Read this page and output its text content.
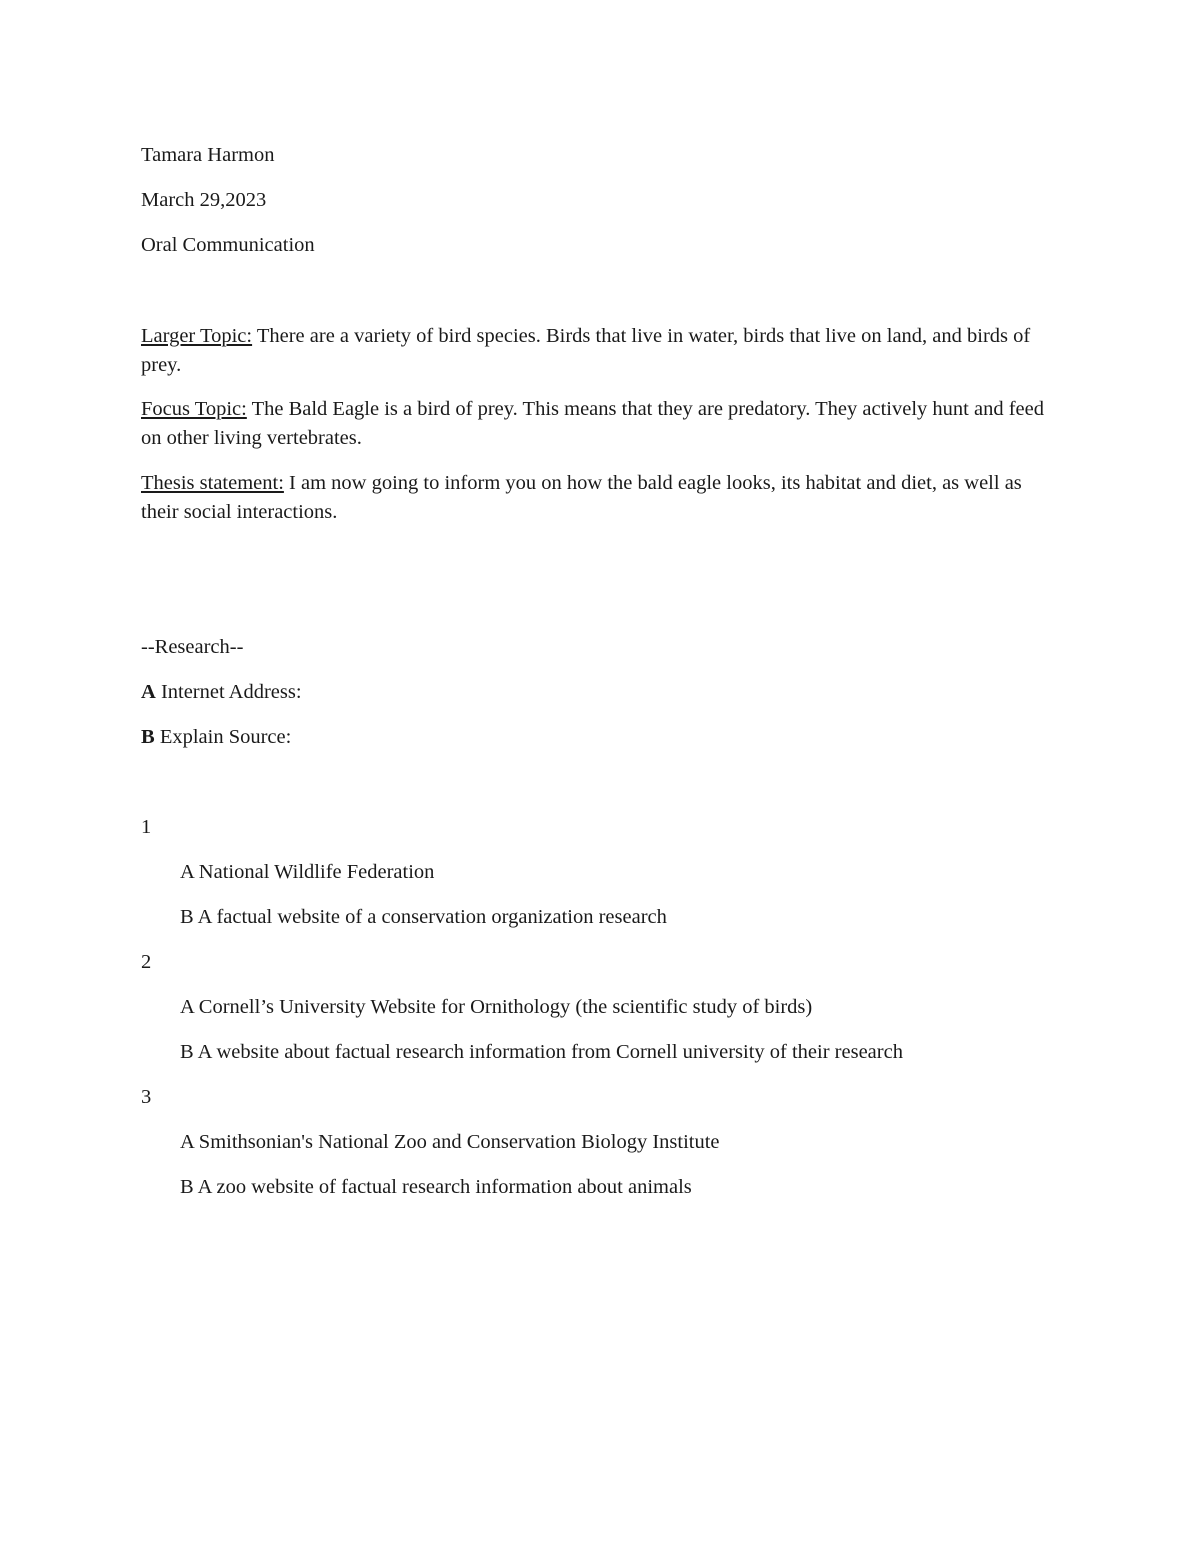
Tamara Harmon

March 29,2023

Oral Communication

Larger Topic: There are a variety of bird species. Birds that live in water, birds that live on land, and birds of prey.

Focus Topic: The Bald Eagle is a bird of prey. This means that they are predatory. They actively hunt and feed on other living vertebrates.

Thesis statement: I am now going to inform you on how the bald eagle looks, its habitat and diet, as well as their social interactions.

--Research--

A Internet Address:

B Explain Source:

1

A National Wildlife Federation

B A factual website of a conservation organization research

2

A Cornell’s University Website for Ornithology (the scientific study of birds)

B A website about factual research information from Cornell university of their research

3

A Smithsonian's National Zoo and Conservation Biology Institute

B A zoo website of factual research information about animals
